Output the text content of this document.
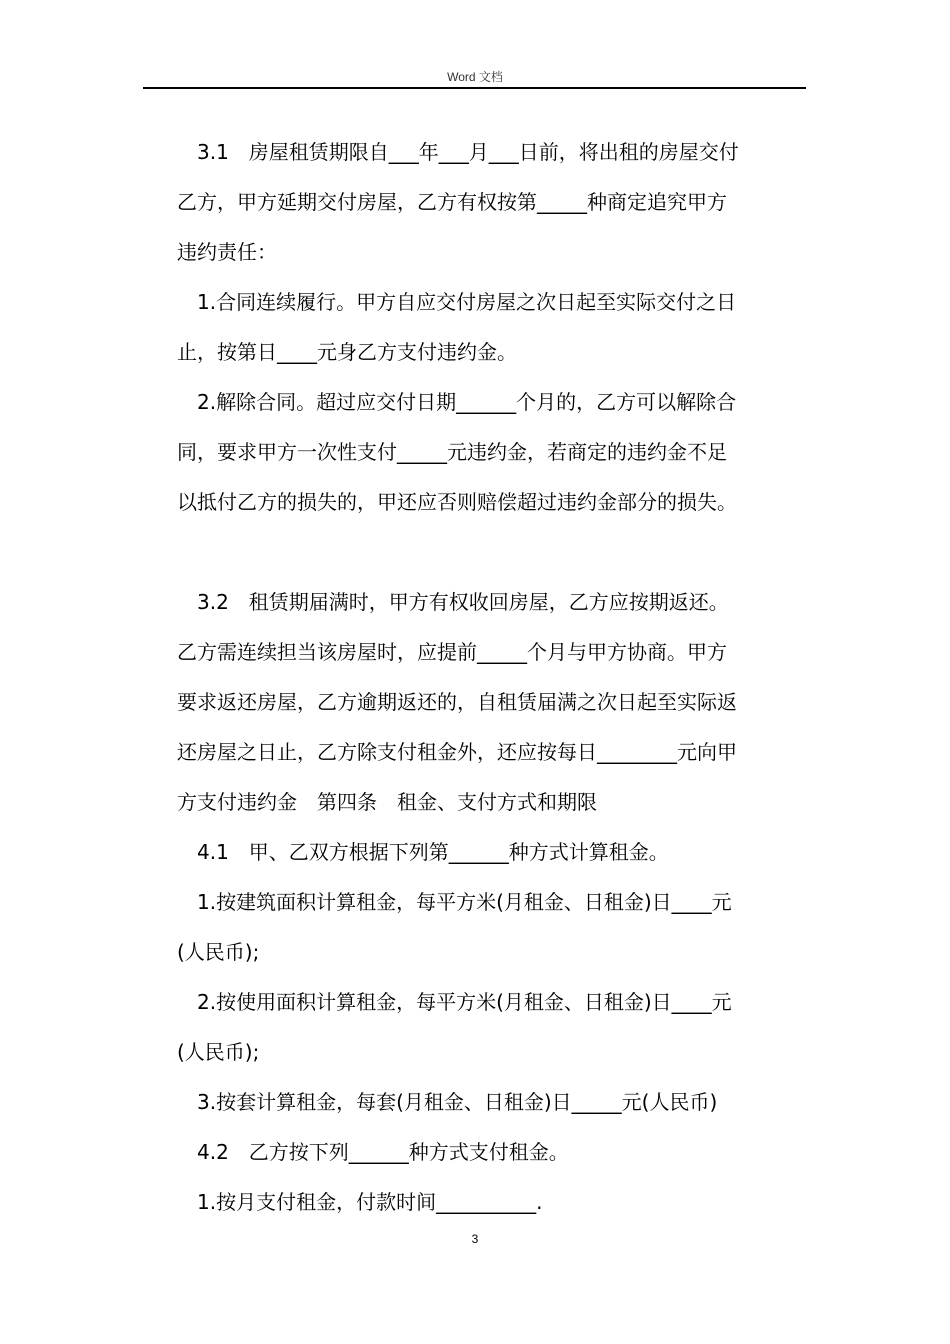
Word 文档

3.1　房屋租赁期限自___年___月___日前，将出租的房屋交付

乙方，甲方延期交付房屋，乙方有权按第_____种商定追究甲方

违约责任：

1.合同连续履行。甲方自应交付房屋之次日起至实际交付之日

止，按第日____元身乙方支付违约金。

2.解除合同。超过应交付日期______个月的，乙方可以解除合

同，要求甲方一次性支付_____元违约金，若商定的违约金不足

以抵付乙方的损失的，甲还应否则赔偿超过违约金部分的损失。

3.2　租赁期届满时，甲方有权收回房屋，乙方应按期返还。

乙方需连续担当该房屋时，应提前_____个月与甲方协商。甲方

要求返还房屋，乙方逾期返还的，自租赁届满之次日起至实际返

还房屋之日止，乙方除支付租金外，还应按每日________元向甲

方支付违约金　第四条　租金、支付方式和期限

4.1　甲、乙双方根据下列第______种方式计算租金。

1.按建筑面积计算租金，每平方米(月租金、日租金)日____元

(人民币);

2.按使用面积计算租金，每平方米(月租金、日租金)日____元

(人民币);

3.按套计算租金，每套(月租金、日租金)日_____元(人民币)

4.2　乙方按下列______种方式支付租金。

1.按月支付租金，付款时间__________.

3
